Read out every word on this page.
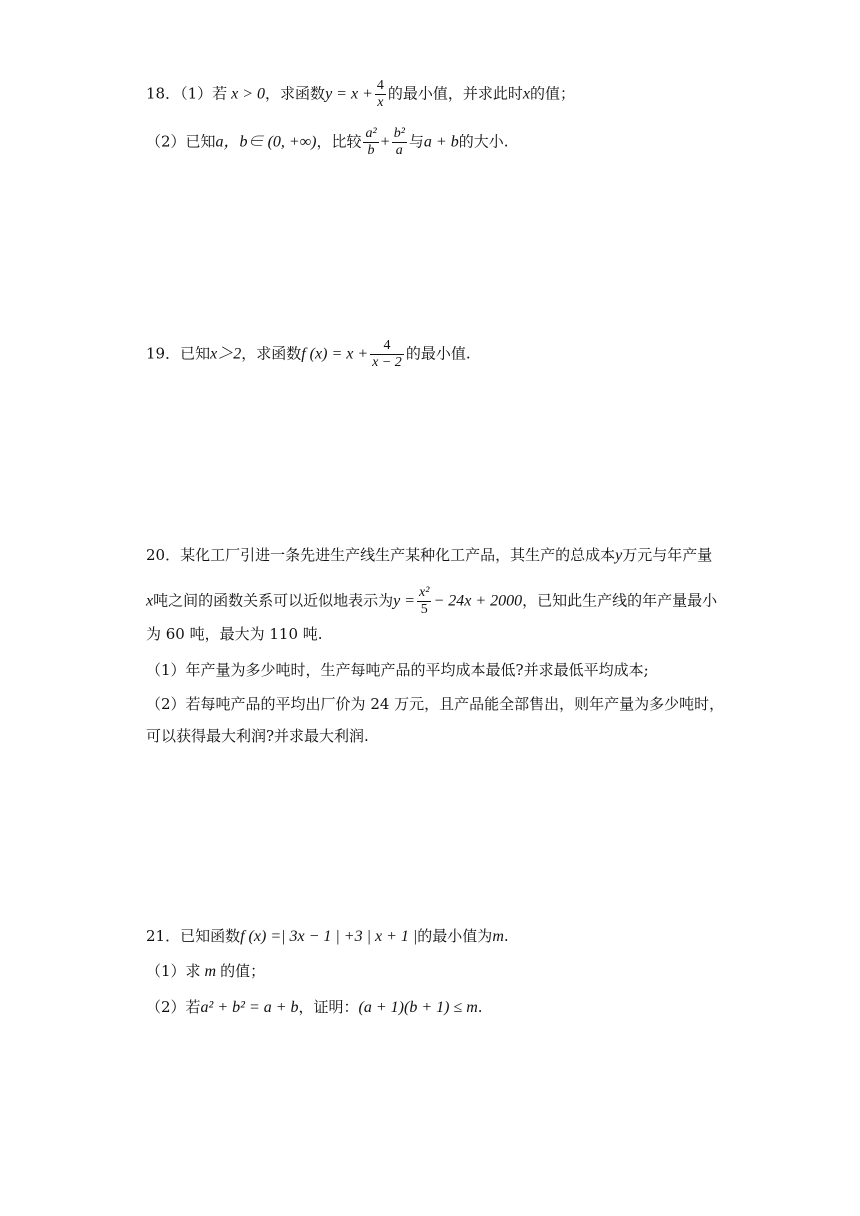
18．（1）若 x > 0，求函数$y = x + \frac{4}{x}$ 的最小值，并求此时x的值；
（2）已知a，b∈ (0, +∞)，比较 $\frac{\text{a²}}{b} + \frac{\text{b²}}{a}$ 与a + b的大小.
19．已知x＞2，求函数f $(x) = x + \frac{4}{x - 2}$ 的最小值.
20．某化工厂引进一条先进生产线生产某种化工产品，其生产的总成本y万元与年产量
x吨之间的函数关系可以近似地表示为$y = \frac{\text{x²}}{5} - 24x + 2000$，已知此生产线的年产量最小
为 60 吨，最大为 110 吨.
（1）年产量为多少吨时，生产每吨产品的平均成本最低?并求最低平均成本;
（2）若每吨产品的平均出厂价为 24 万元，且产品能全部售出，则年产量为多少吨时，
可以获得最大利润?并求最大利润.
21．已知函数f (x) =| 3x − 1 | +3 | x + 1 |的最小值为m.
（1）求 m 的值；
（2）若a² + b² = a + b，证明：(a + 1)(b + 1) ≤ m.
